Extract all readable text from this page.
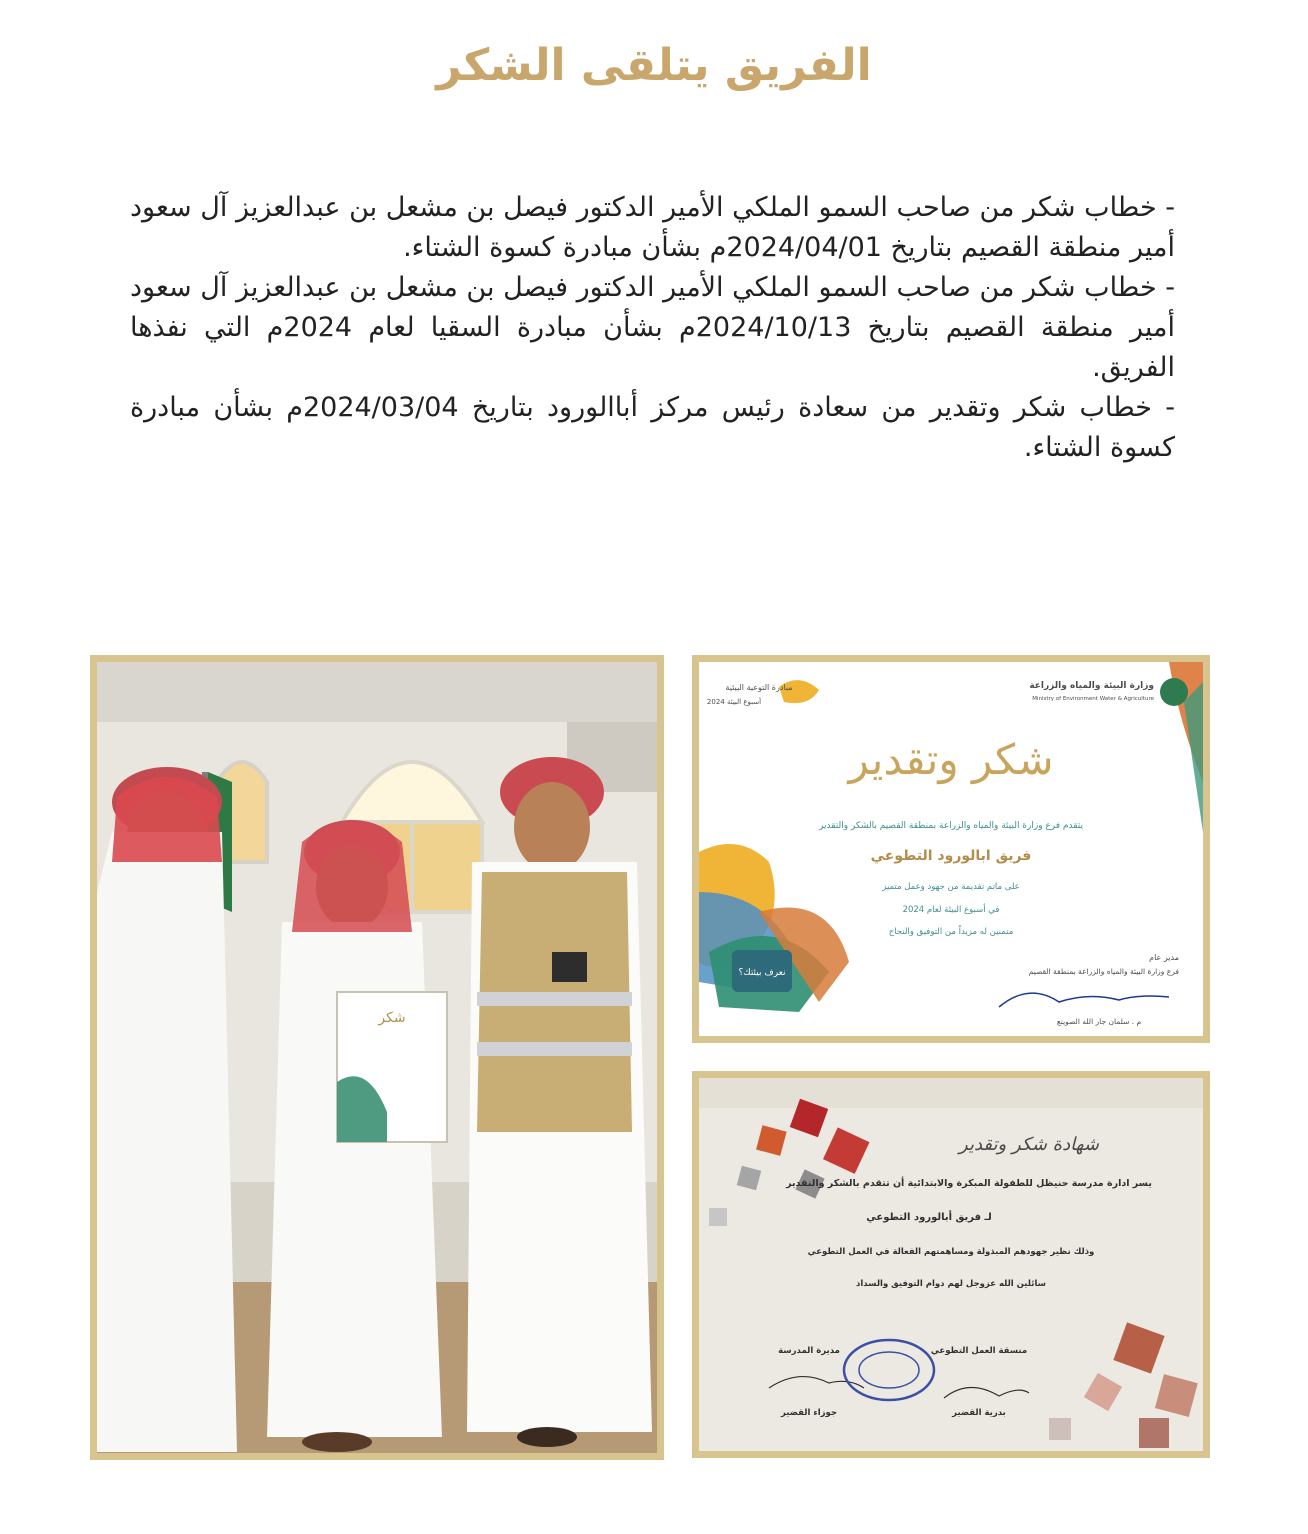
الفريق يتلقى الشكر

- خطاب شكر من صاحب السمو الملكي الأمير الدكتور فيصل بن مشعل بن عبدالعزيز آل سعود أمير منطقة القصيم بتاريخ 2024/04/01م بشأن مبادرة كسوة الشتاء.

- خطاب شكر من صاحب السمو الملكي الأمير الدكتور فيصل بن مشعل بن عبدالعزيز آل سعود أمير منطقة القصيم بتاريخ 2024/10/13م بشأن مبادرة السقيا لعام 2024م التي نفذها الفريق.

- خطاب شكر وتقدير من سعادة رئيس مركز أباالورود بتاريخ 2024/03/04م بشأن مبادرة كسوة الشتاء.

شكر
وزارة البيئة والمياه والزراعة
Ministry of Environment Water & Agriculture
مبادرة التوعية البيئية
أسبوع البيئة 2024
شكر وتقدير
يتقدم فرع وزارة البيئة والمياه والزراعة بمنطقة القصيم بالشكر والتقدير
فريق ابالورود التطوعي
على ماتم تقديمة من جهود وعمل متميز
في أسبوع البيئة لعام 2024
متمنين له مزيداً من التوفيق والنجاح
نعرف بيئتك؟
مدير عام
فرع وزارة البيئة والمياه والزراعة بمنطقة القصيم
م . سلمان جار الله الصوينع
شهادة شكر وتقدير
يسر ادارة مدرسة حنيظل للطفولة المبكرة والابتدائية أن تتقدم بالشكر والتقدير
لـ فريق أبالورود التطوعي
وذلك نظير جهودهم المبذولة ومساهمتهم الفعالة في العمل التطوعي
سائلين الله عزوجل لهم دوام التوفيق والسداد
منسقة العمل التطوعي
بدرية القضير
مديرة المدرسة
جوزاء القضير
